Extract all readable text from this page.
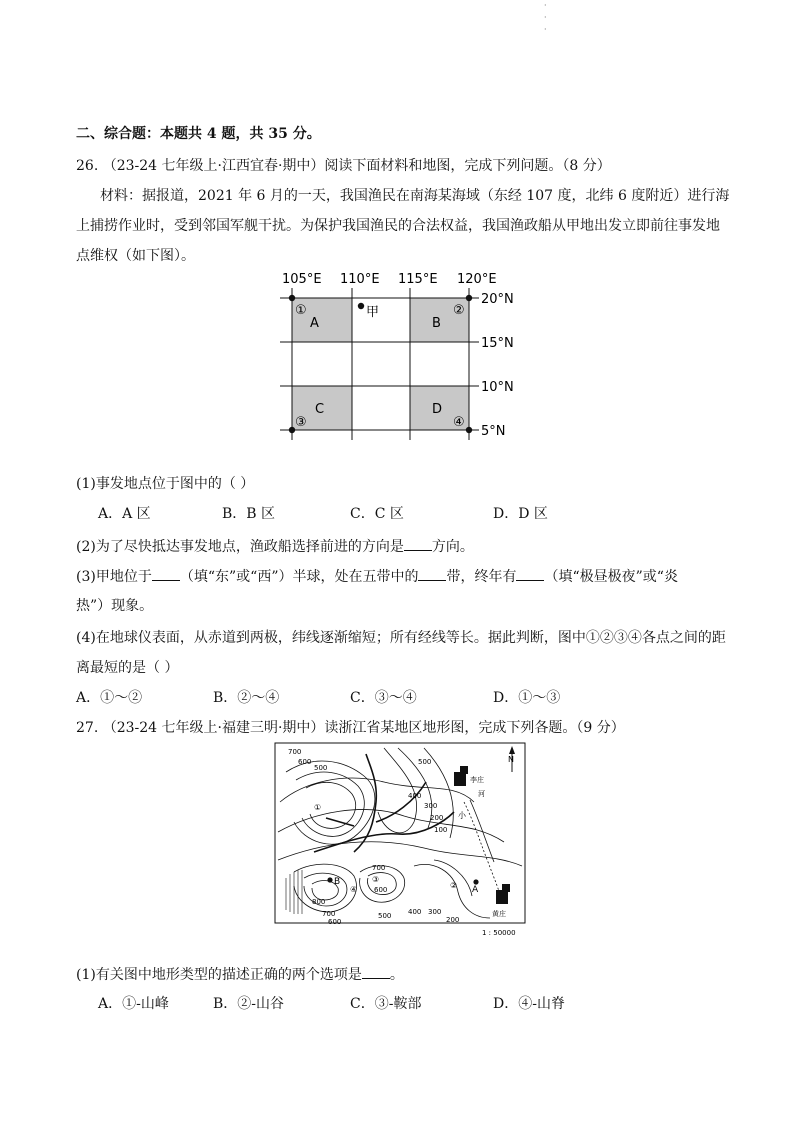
·
·
·
二、综合题：本题共 4 题，共 35 分。
26. （23-24 七年级上·江西宜春·期中）阅读下面材料和地图，完成下列问题。（8 分）
材料：据报道，2021 年 6 月的一天，我国渔民在南海某海域（东经 107 度，北纬 6 度附近）进行海
上捕捞作业时，受到邻国军舰干扰。为保护我国渔民的合法权益，我国渔政船从甲地出发立即前往事发地
点维权（如下图）。
105°E 110°E 115°E 120°E
20°N
15°N
10°N
5°N
①	②
③	④
A	B
C	D
甲
(1)事发地点位于图中的（ ）
A．A 区	B．B 区	C．C 区	D．D 区
(2)为了尽快抵达事发地点，渔政船选择前进的方向是 方向。
(3)甲地位于 （填“东”或“西”）半球，处在五带中的 带，终年有 （填“极昼极夜”或“炎
热”）现象。
(4)在地球仪表面，从赤道到两极，纬线逐渐缩短；所有经线等长。据此判断，图中①②③④各点之间的距
离最短的是（ ）
A．①～②	B．②～④	C．③～④	D．①～③
27. （23-24 七年级上·福建三明·期中）读浙江省某地区地形图，完成下列各题。（9 分）
N
李庄
黄庄
小
河
B
A
①
②
③
④
700
600
500
500
400
300
200
100
700
600
500 400 300
200
800
700
600
1 : 50000
(1)有关图中地形类型的描述正确的两个选项是 。
A．①-山峰	B．②-山谷	C．③-鞍部	D．④-山脊
